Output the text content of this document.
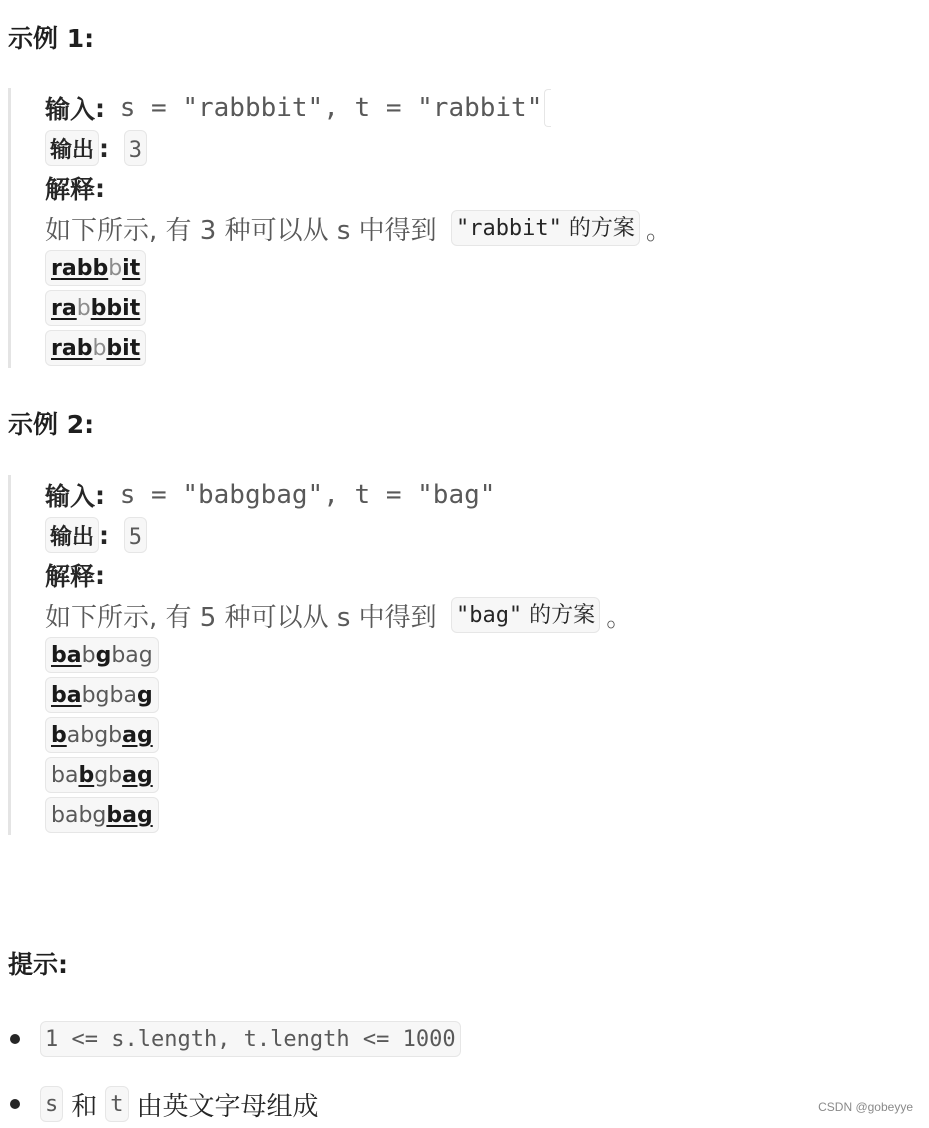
示例 1:
输入 : s = "rabbbit", t = "rabbit"
输出 : 3
解释 :
如下所示, 有 3 种可以从 s 中得到 "rabbit" 的方案 。
rabbbit
rabbbit
rabbbit
示例 2:
输入 : s = "babgbag", t = "bag"
输出 : 5
解释 :
如下所示, 有 5 种可以从 s 中得到 "bag" 的方案 。
babgbag
babgbag
babgbag
babgbag
babgbag
提示:
1 <= s.length, t.length <= 1000
s 和 t 由英文字母组成	CSDN @gobeyye
